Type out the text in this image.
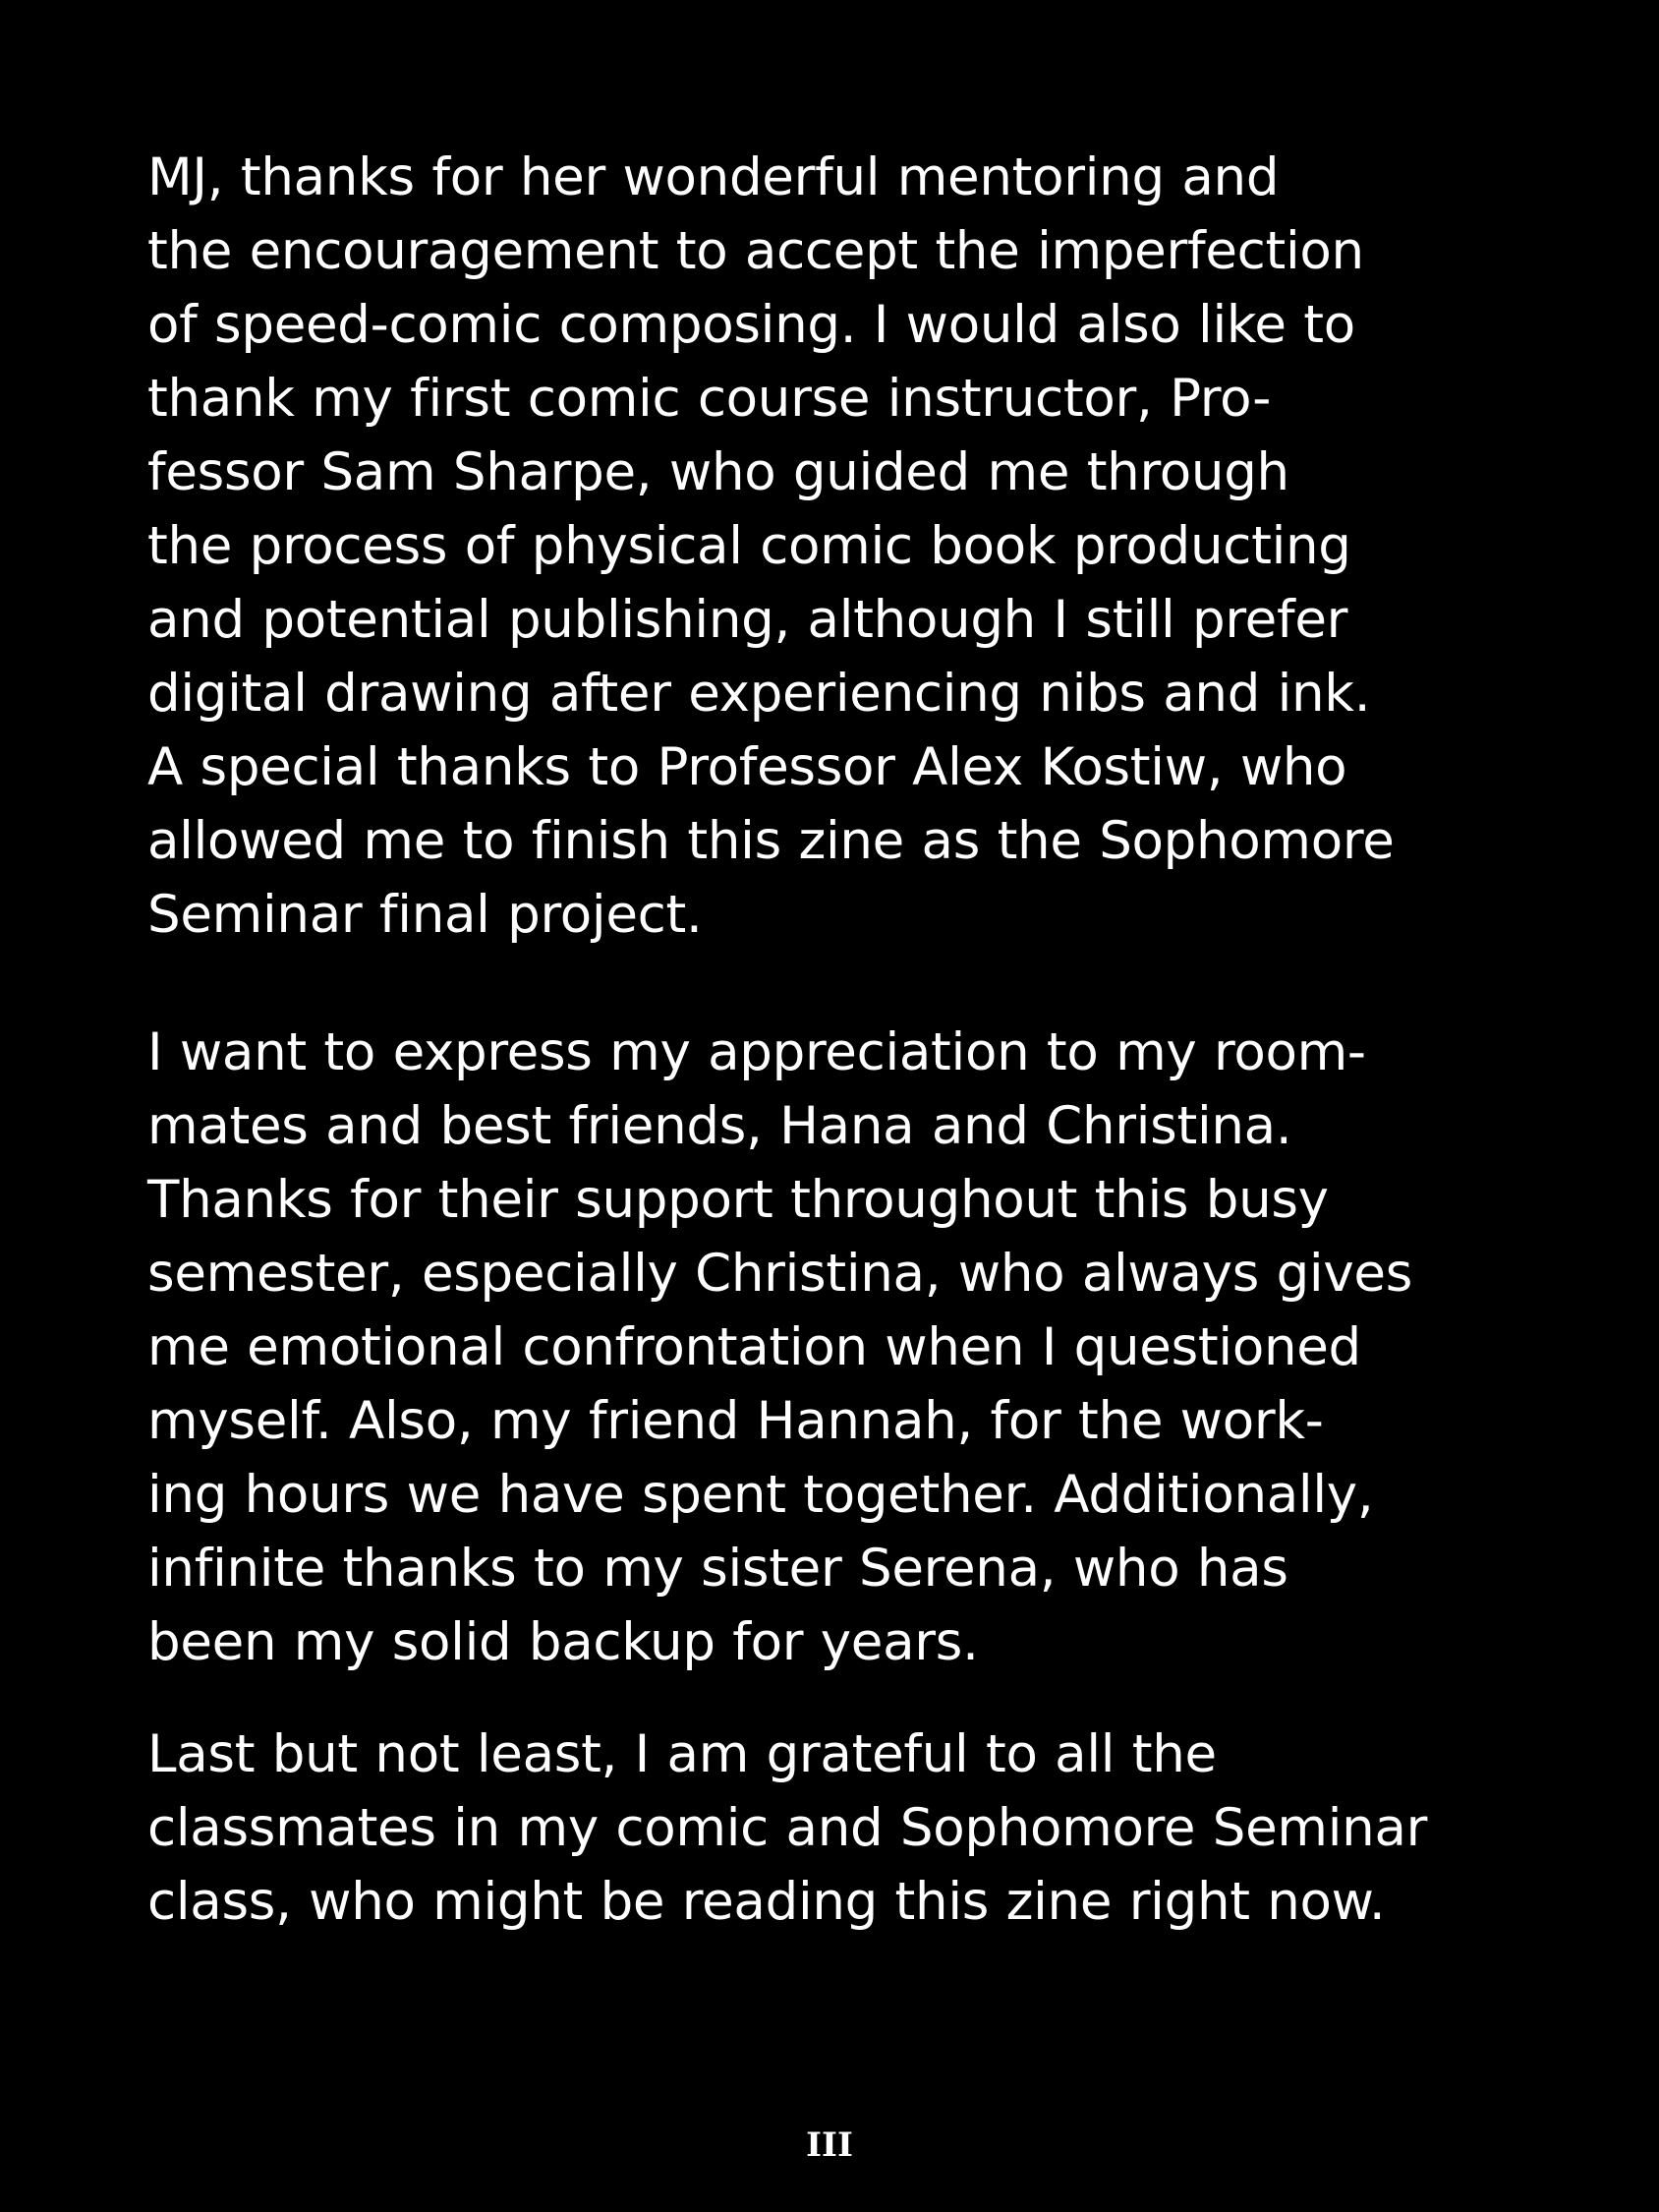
MJ, thanks for her wonderful mentoring and
the encouragement to accept the imperfection
of speed-comic composing. I would also like to
thank my first comic course instructor, Pro-
fessor Sam Sharpe, who guided me through
the process of physical comic book producting
and potential publishing, although I still prefer
digital drawing after experiencing nibs and ink.
A special thanks to Professor Alex Kostiw, who
allowed me to finish this zine as the Sophomore
Seminar final project.
I want to express my appreciation to my room-
mates and best friends, Hana and Christina.
Thanks for their support throughout this busy
semester, especially Christina, who always gives
me emotional confrontation when I questioned
myself. Also, my friend Hannah, for the work-
ing hours we have spent together. Additionally,
infinite thanks to my sister Serena, who has
been my solid backup for years.
Last but not least, I am grateful to all the
classmates in my comic and Sophomore Seminar
class, who might be reading this zine right now.
III
